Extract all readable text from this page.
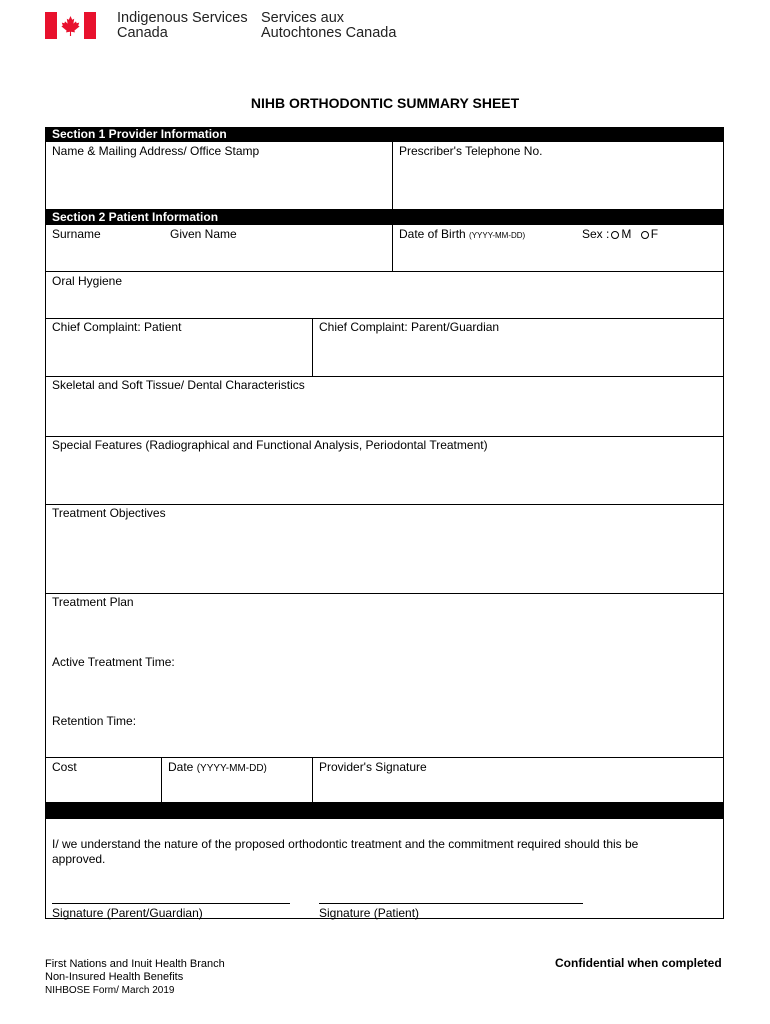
Indigenous Services
Canada
Services aux
Autochtones Canada
NIHB ORTHODONTIC SUMMARY SHEET
Section 1 Provider Information
Name & Mailing Address/ Office Stamp	Prescriber's Telephone No.
Section 2 Patient Information
Surname	Given Name	Date of Birth (YYYY-MM-DD)	Sex : M F
Oral Hygiene
Chief Complaint: Patient	Chief Complaint: Parent/Guardian
Skeletal and Soft Tissue/ Dental Characteristics
Special Features (Radiographical and Functional Analysis, Periodontal Treatment)
Treatment Objectives
Treatment Plan
Active Treatment Time:
Retention Time:
Cost	Date (YYYY-MM-DD)	Provider's Signature
I/ we understand the nature of the proposed orthodontic treatment and the commitment required should this be approved.
Signature (Parent/Guardian)	Signature (Patient)
First Nations and Inuit Health Branch
Non-Insured Health Benefits
NIHBOSE Form/ March 2019
Confidential when completed
